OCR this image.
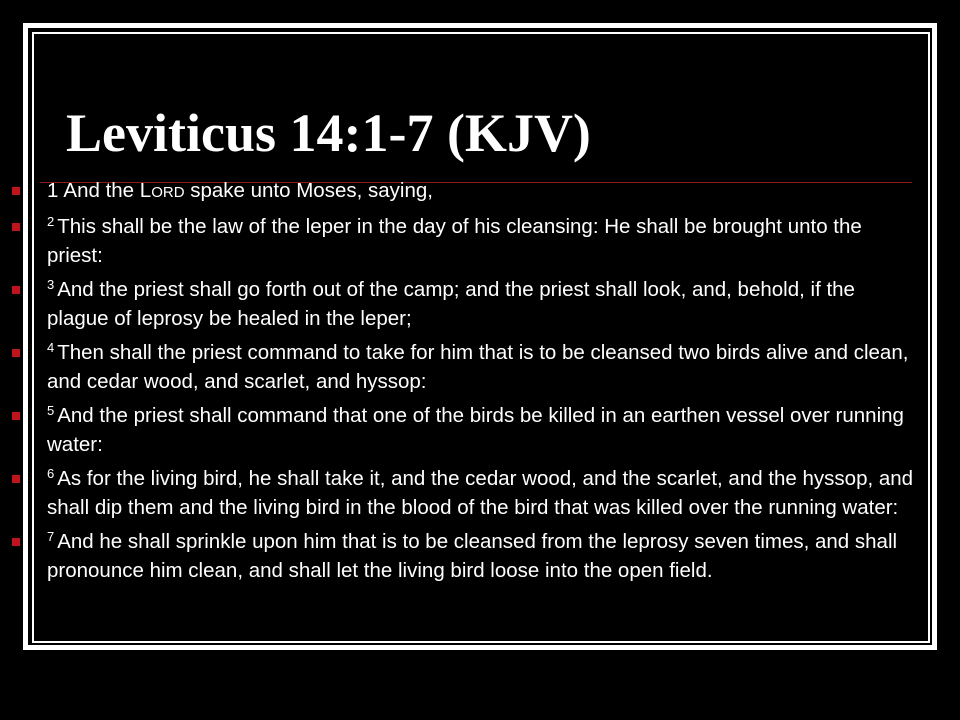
Leviticus 14:1-7 (KJV)
1 And the LORD spake unto Moses, saying,
$^2$ This shall be the law of the leper in the day of his cleansing: He shall be brought unto the priest:
$^3$ And the priest shall go forth out of the camp; and the priest shall look, and, behold, if the plague of leprosy be healed in the leper;
$^4$ Then shall the priest command to take for him that is to be cleansed two birds alive and clean, and cedar wood, and scarlet, and hyssop:
$^5$ And the priest shall command that one of the birds be killed in an earthen vessel over running water:
$^6$ As for the living bird, he shall take it, and the cedar wood, and the scarlet, and the hyssop, and shall dip them and the living bird in the blood of the bird that was killed over the running water:
$^7$ And he shall sprinkle upon him that is to be cleansed from the leprosy seven times, and shall pronounce him clean, and shall let the living bird loose into the open field.
